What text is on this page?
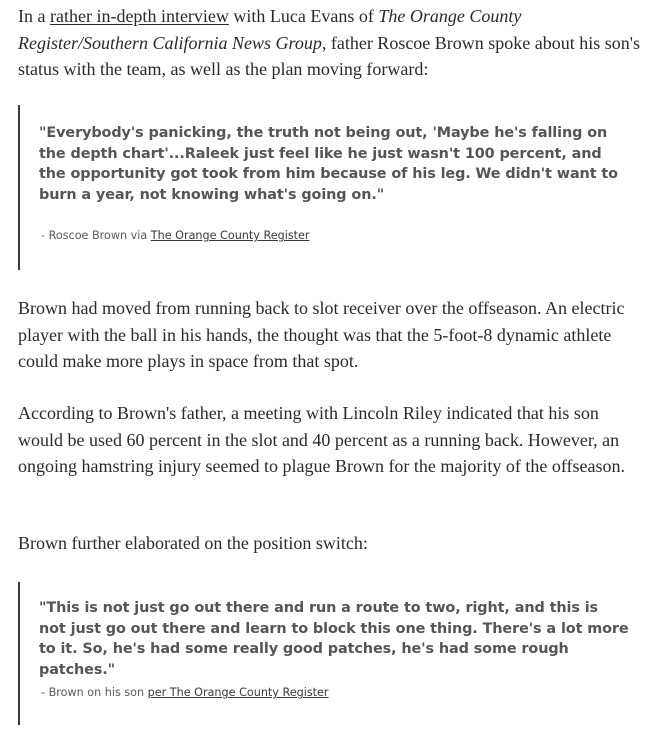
In a rather in-depth interview with Luca Evans of The Orange County Register/Southern California News Group, father Roscoe Brown spoke about his son's status with the team, as well as the plan moving forward:

"Everybody's panicking, the truth not being out, 'Maybe he's falling on the depth chart'...Raleek just feel like he just wasn't 100 percent, and the opportunity got took from him because of his leg. We didn't want to burn a year, not knowing what's going on."

- Roscoe Brown via The Orange County Register

Brown had moved from running back to slot receiver over the offseason. An electric player with the ball in his hands, the thought was that the 5-foot-8 dynamic athlete could make more plays in space from that spot.

According to Brown's father, a meeting with Lincoln Riley indicated that his son would be used 60 percent in the slot and 40 percent as a running back. However, an ongoing hamstring injury seemed to plague Brown for the majority of the offseason.

Brown further elaborated on the position switch:

"This is not just go out there and run a route to two, right, and this is not just go out there and learn to block this one thing. There's a lot more to it. So, he's had some really good patches, he's had some rough patches."

- Brown on his son per The Orange County Register
